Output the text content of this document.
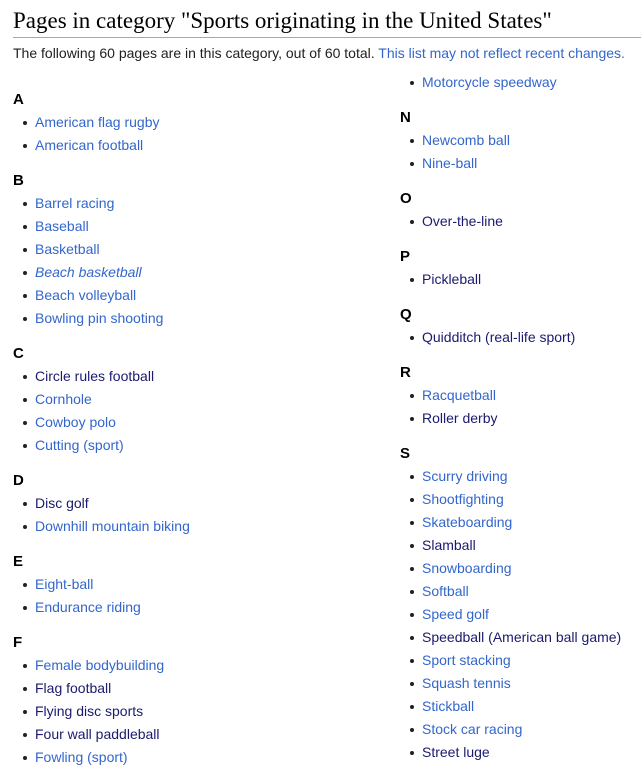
Pages in category "Sports originating in the United States"
The following 60 pages are in this category, out of 60 total. This list may not reflect recent changes.
A
American flag rugby
American football
B
Barrel racing
Baseball
Basketball
Beach basketball
Beach volleyball
Bowling pin shooting
C
Circle rules football
Cornhole
Cowboy polo
Cutting (sport)
D
Disc golf
Downhill mountain biking
E
Eight-ball
Endurance riding
F
Female bodybuilding
Flag football
Flying disc sports
Four wall paddleball
Fowling (sport)
Motorcycle speedway
N
Newcomb ball
Nine-ball
O
Over-the-line
P
Pickleball
Q
Quidditch (real-life sport)
R
Racquetball
Roller derby
S
Scurry driving
Shootfighting
Skateboarding
Slamball
Snowboarding
Softball
Speed golf
Speedball (American ball game)
Sport stacking
Squash tennis
Stickball
Stock car racing
Street luge
